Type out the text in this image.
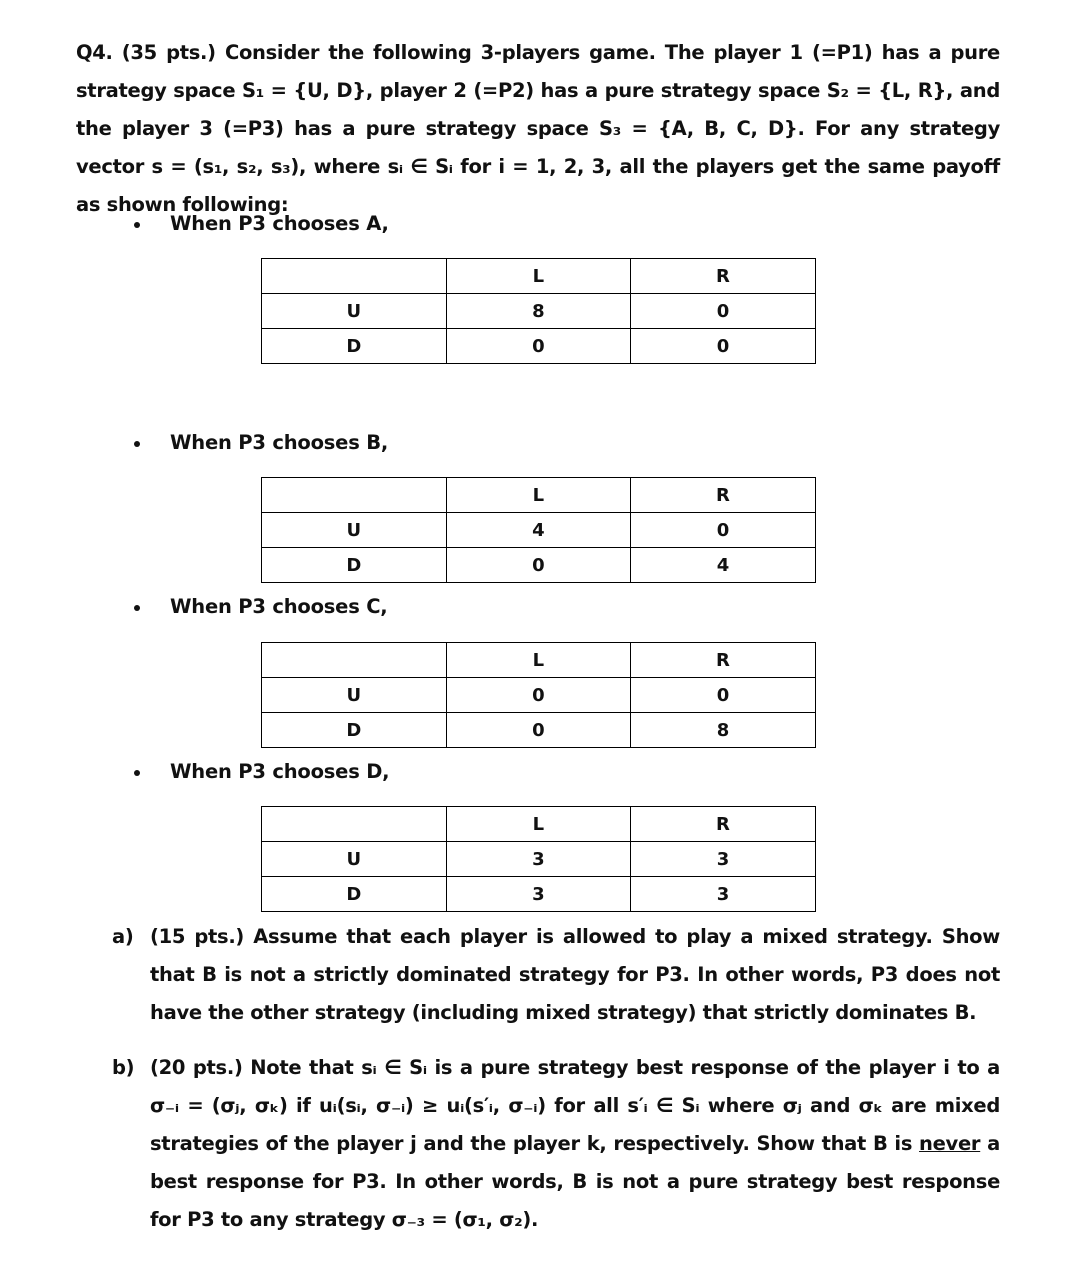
Q4. (35 pts.) Consider the following 3-players game. The player 1 (=P1) has a pure strategy space S₁ = {U, D}, player 2 (=P2) has a pure strategy space S₂ = {L, R}, and the player 3 (=P3) has a pure strategy space S₃ = {A, B, C, D}. For any strategy vector s = (s₁, s₂, s₃), where sᵢ ∈ Sᵢ for i = 1, 2, 3, all the players get the same payoff as shown following:
When P3 chooses A,
	L	R
U	8	0
D	0	0
When P3 chooses B,
	L	R
U	4	0
D	0	4
When P3 chooses C,
	L	R
U	0	0
D	0	8
When P3 chooses D,
	L	R
U	3	3
D	3	3
a) (15 pts.) Assume that each player is allowed to play a mixed strategy. Show that B is not a strictly dominated strategy for P3. In other words, P3 does not have the other strategy (including mixed strategy) that strictly dominates B.
b) (20 pts.) Note that sᵢ ∈ Sᵢ is a pure strategy best response of the player i to a σ₋ᵢ = (σⱼ, σₖ) if uᵢ(sᵢ, σ₋ᵢ) ≥ uᵢ(s′ᵢ, σ₋ᵢ) for all s′ᵢ ∈ Sᵢ where σⱼ and σₖ are mixed strategies of the player j and the player k, respectively. Show that B is never a best response for P3. In other words, B is not a pure strategy best response for P3 to any strategy σ₋₃ = (σ₁, σ₂).
